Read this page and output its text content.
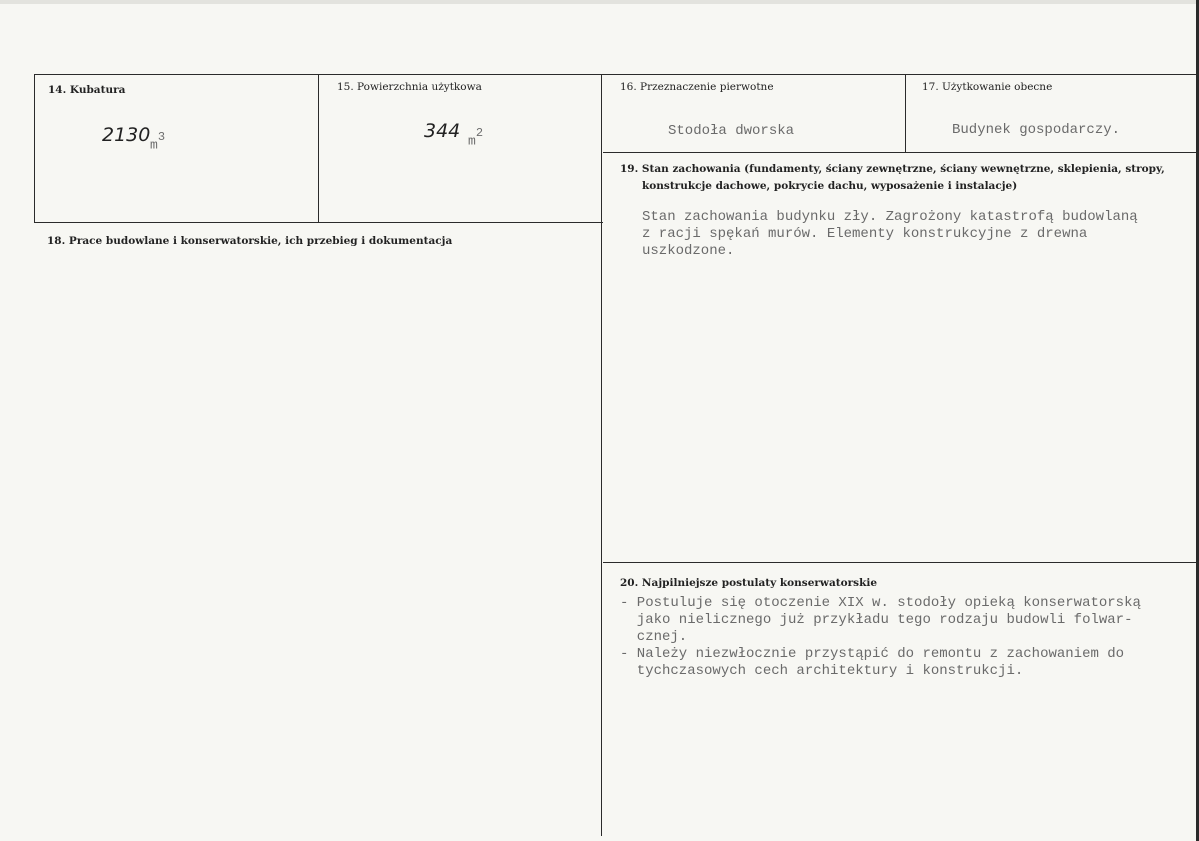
14. Kubatura
2130 $m^3$
15. Powierzchnia użytkowa
344 $m^2$
16. Przeznaczenie pierwotne
Stodoła dworska
17. Użytkowanie obecne
Budynek gospodarczy.
18. Prace budowlane i konserwatorskie, ich przebieg i dokumentacja
19. Stan zachowania (fundamenty, ściany zewnętrzne, ściany wewnętrzne, sklepienia, stropy,
konstrukcje dachowe, pokrycie dachu, wyposażenie i instalacje)
Stan zachowania budynku zły. Zagrożony katastrofą budowlaną
z racji spękań murów. Elementy konstrukcyjne z drewna
uszkodzone.
20. Najpilniejsze postulaty konserwatorskie
- Postuluje się otoczenie XIX w. stodoły opieką konserwatorską
jako nielicznego już przykładu tego rodzaju budowli folwar-
cznej.
- Należy niezwłocznie przystąpić do remontu z zachowaniem do
tychczasowych cech architektury i konstrukcji.
